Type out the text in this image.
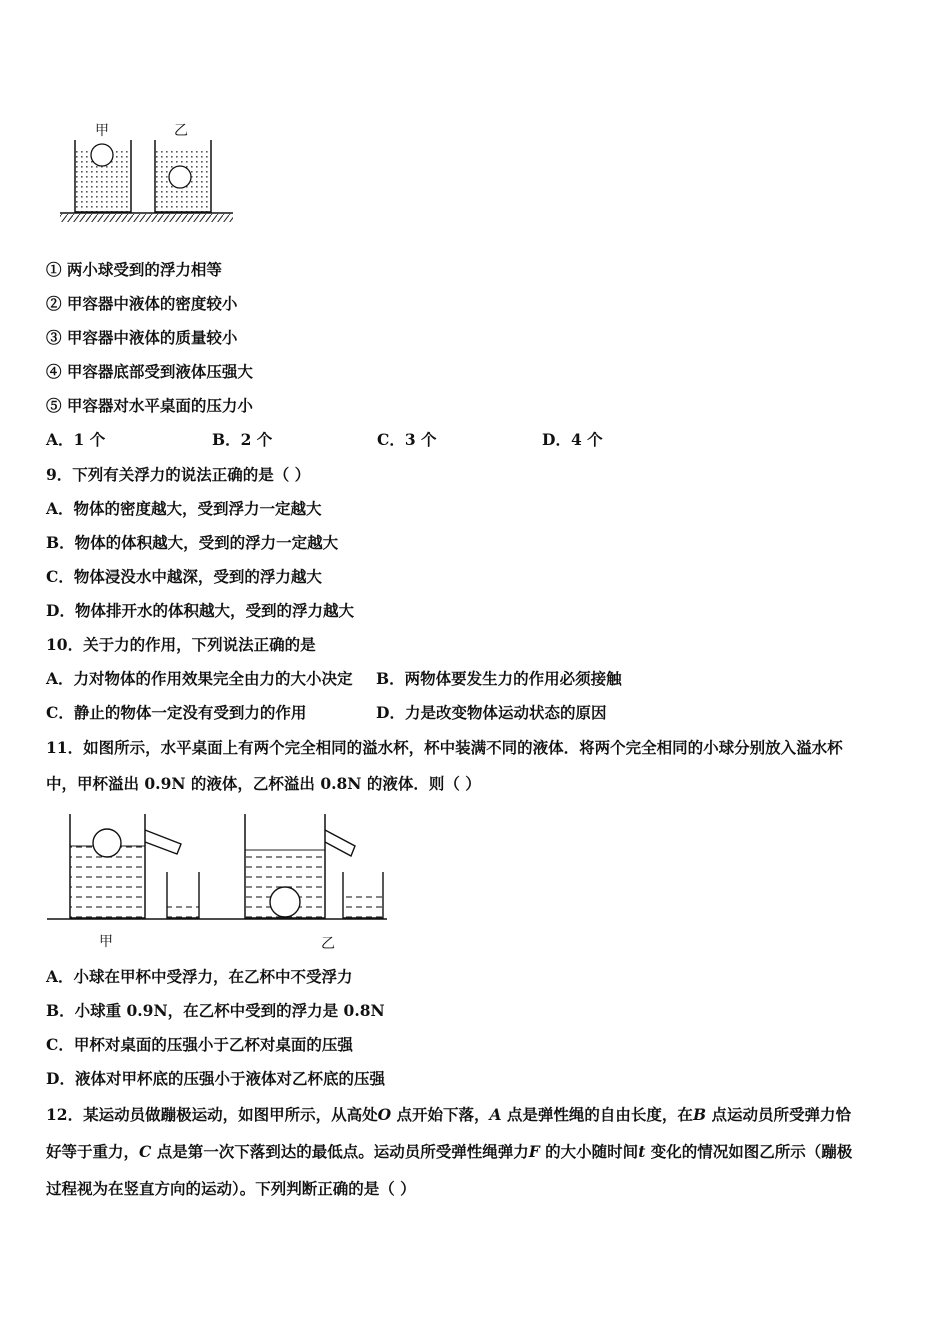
甲	乙
① 两小球受到的浮力相等
② 甲容器中液体的密度较小
③ 甲容器中液体的质量较小
④ 甲容器底部受到液体压强大
⑤ 甲容器对水平桌面的压力小
A．1 个	B．2 个	C．3 个	D．4 个
9．下列有关浮力的说法正确的是（ ）
A．物体的密度越大，受到浮力一定越大
B．物体的体积越大，受到的浮力一定越大
C．物体浸没水中越深，受到的浮力越大
D．物体排开水的体积越大，受到的浮力越大
10．关于力的作用，下列说法正确的是
A．力对物体的作用效果完全由力的大小决定 B．两物体要发生力的作用必须接触
C．静止的物体一定没有受到力的作用	D．力是改变物体运动状态的原因
11．如图所示，水平桌面上有两个完全相同的溢水杯，杯中装满不同的液体．将两个完全相同的小球分别放入溢水杯
中，甲杯溢出 0.9N 的液体，乙杯溢出 0.8N 的液体．则（ ）
甲	乙
A．小球在甲杯中受浮力，在乙杯中不受浮力
B．小球重 0.9N，在乙杯中受到的浮力是 0.8N
C．甲杯对桌面的压强小于乙杯对桌面的压强
D．液体对甲杯底的压强小于液体对乙杯底的压强
12．某运动员做蹦极运动，如图甲所示，从高处O 点开始下落，A 点是弹性绳的自由长度，在B 点运动员所受弹力恰
好等于重力，C 点是第一次下落到达的最低点。运动员所受弹性绳弹力F 的大小随时间t 变化的情况如图乙所示（蹦极
过程视为在竖直方向的运动）。下列判断正确的是（ ）
